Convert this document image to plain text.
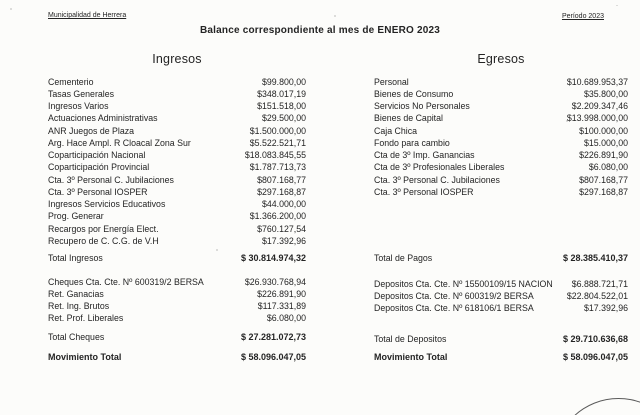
Municipalidad de Herrera	Período 2023
Balance correspondiente al mes de ENERO 2023
Ingresos
Cementerio	$99.800,00
Tasas Generales	$348.017,19
Ingresos Varios	$151.518,00
Actuaciones Administrativas	$29.500,00
ANR Juegos de Plaza	$1.500.000,00
Arg. Hace Ampl. R Cloacal Zona Sur	$5.522.521,71
Coparticipación Nacional	$18.083.845,55
Coparticipación Provincial	$1.787.713,73
Cta. 3º Personal C. Jubilaciones	$807.168,77
Cta. 3º Personal IOSPER	$297.168,87
Ingresos Servicios Educativos	$44.000,00
Prog. Generar	$1.366.200,00
Recargos por Energía Elect.	$760.127,54
Recupero de C. C.G. de V.H	$17.392,96
Total Ingresos	$ 30.814.974,32
Cheques Cta. Cte. Nº 600319/2 BERSA	$26.930.768,94
Ret. Ganacias	$226.891,90
Ret. Ing. Brutos	$117.331,89
Ret. Prof. Liberales	$6.080,00
Total Cheques	$ 27.281.072,73
Movimiento Total	$ 58.096.047,05
Egresos
Personal	$10.689.953,37
Bienes de Consumo	$35.800,00
Servicios No Personales	$2.209.347,46
Bienes de Capital	$13.998.000,00
Caja Chica	$100.000,00
Fondo para cambio	$15.000,00
Cta de 3º Imp. Ganancias	$226.891,90
Cta de 3º Profesionales Liberales	$6.080,00
Cta. 3º Personal C. Jubilaciones	$807.168,77
Cta. 3º Personal IOSPER	$297.168,87
Total de Pagos	$ 28.385.410,37
Depositos Cta. Cte. Nº 15500109/15 NACION $6.888.721,71
Depositos Cta. Cte. Nº 600319/2 BERSA	$22.804.522,01
Depositos Cta. Cte. Nº 618106/1 BERSA	$17.392,96
Total de Depositos	$ 29.710.636,68
Movimiento Total	$ 58.096.047,05
